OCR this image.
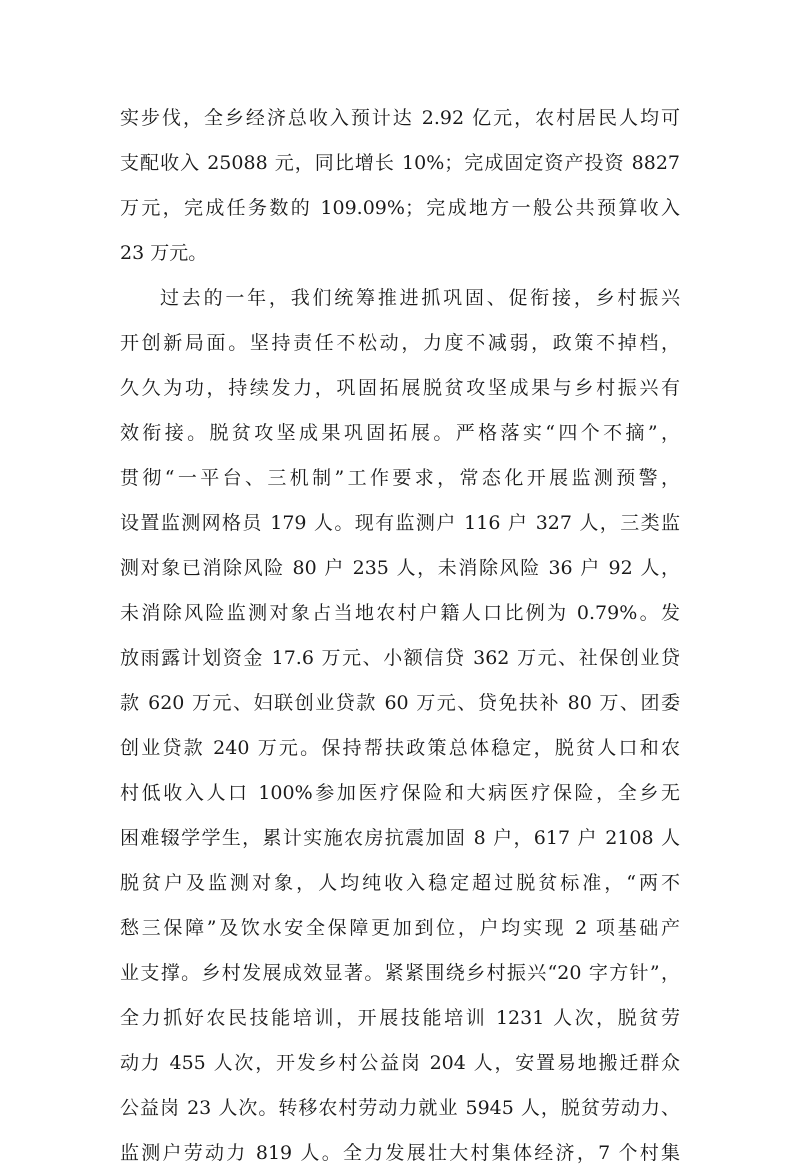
实步伐，全乡经济总收入预计达 2.92 亿元，农村居民人均可
支配收入 25088 元，同比增长 10%；完成固定资产投资 8827
万元，完成任务数的 109.09%；完成地方一般公共预算收入
23 万元。
过去的一年，我们统筹推进抓巩固、促衔接，乡村振兴
开创新局面。坚持责任不松动，力度不减弱，政策不掉档，
久久为功，持续发力，巩固拓展脱贫攻坚成果与乡村振兴有
效衔接。脱贫攻坚成果巩固拓展。严格落实“四个不摘”，
贯彻“一平台、三机制”工作要求，常态化开展监测预警，
设置监测网格员 179 人。现有监测户 116 户 327 人，三类监
测对象已消除风险 80 户 235 人，未消除风险 36 户 92 人，
未消除风险监测对象占当地农村户籍人口比例为 0.79%。发
放雨露计划资金 17.6 万元、小额信贷 362 万元、社保创业贷
款 620 万元、妇联创业贷款 60 万元、贷免扶补 80 万、团委
创业贷款 240 万元。保持帮扶政策总体稳定，脱贫人口和农
村低收入人口 100%参加医疗保险和大病医疗保险，全乡无
困难辍学学生，累计实施农房抗震加固 8 户，617 户 2108 人
脱贫户及监测对象，人均纯收入稳定超过脱贫标准，“两不
愁三保障”及饮水安全保障更加到位，户均实现 2 项基础产
业支撑。乡村发展成效显著。紧紧围绕乡村振兴“20 字方针”，
全力抓好农民技能培训，开展技能培训 1231 人次，脱贫劳
动力 455 人次，开发乡村公益岗 204 人，安置易地搬迁群众
公益岗 23 人次。转移农村劳动力就业 5945 人，脱贫劳动力、
监测户劳动力 819 人。全力发展壮大村集体经济，7 个村集
